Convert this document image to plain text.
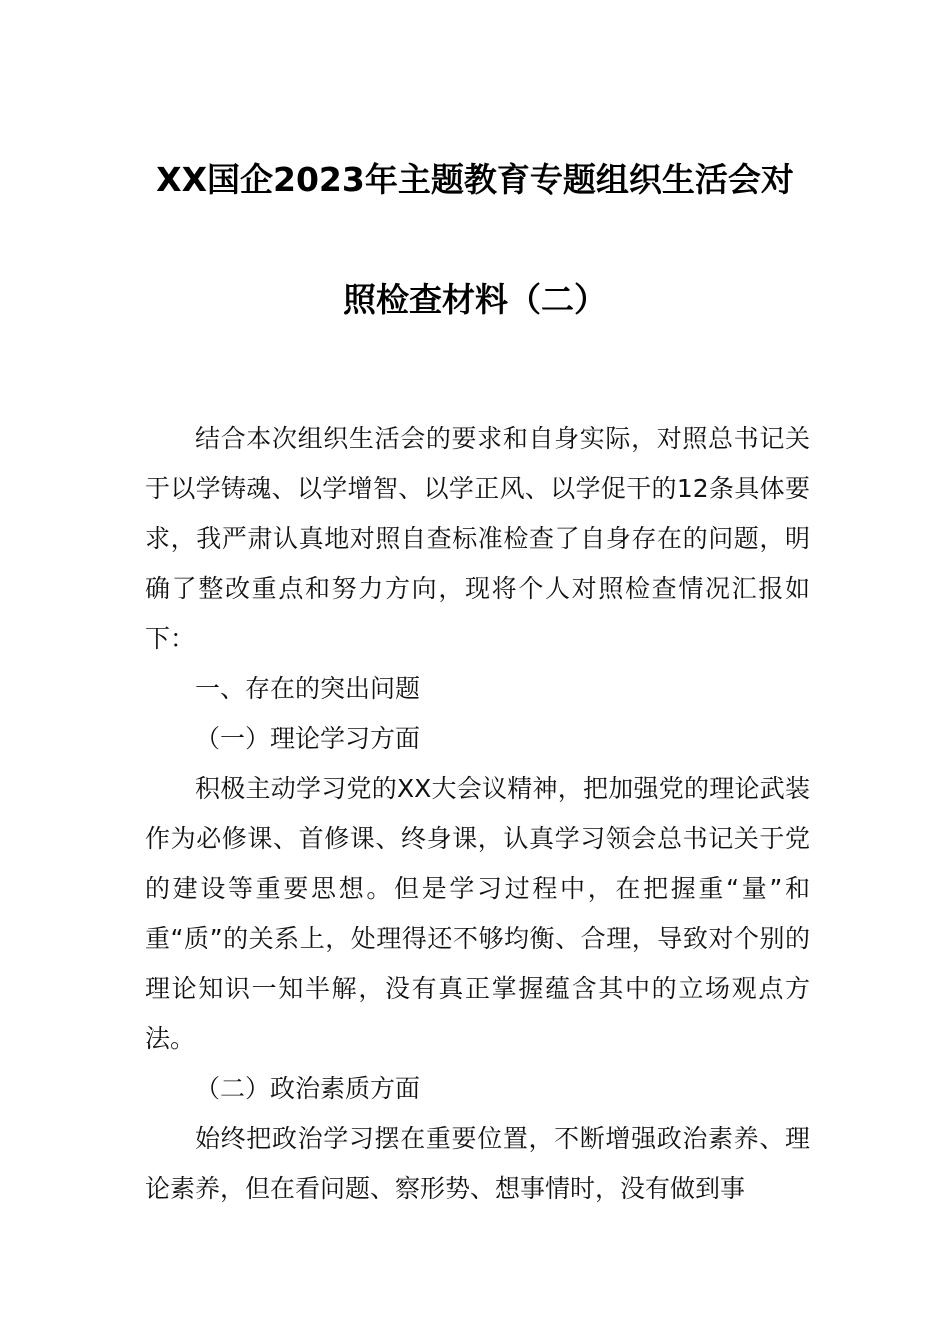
XX国企2023年主题教育专题组织生活会对
照检查材料（二）

结合本次组织生活会的要求和自身实际，对照总书记关于以学铸魂、以学增智、以学正风、以学促干的12条具体要求，我严肃认真地对照自查标准检查了自身存在的问题，明确了整改重点和努力方向，现将个人对照检查情况汇报如下：

一、存在的突出问题

（一）理论学习方面

积极主动学习党的XX大会议精神，把加强党的理论武装作为必修课、首修课、终身课，认真学习领会总书记关于党的建设等重要思想。但是学习过程中，在把握重“量”和重“质”的关系上，处理得还不够均衡、合理，导致对个别的理论知识一知半解，没有真正掌握蕴含其中的立场观点方法。

（二）政治素质方面

始终把政治学习摆在重要位置，不断增强政治素养、理论素养，但在看问题、察形势、想事情时，没有做到事
